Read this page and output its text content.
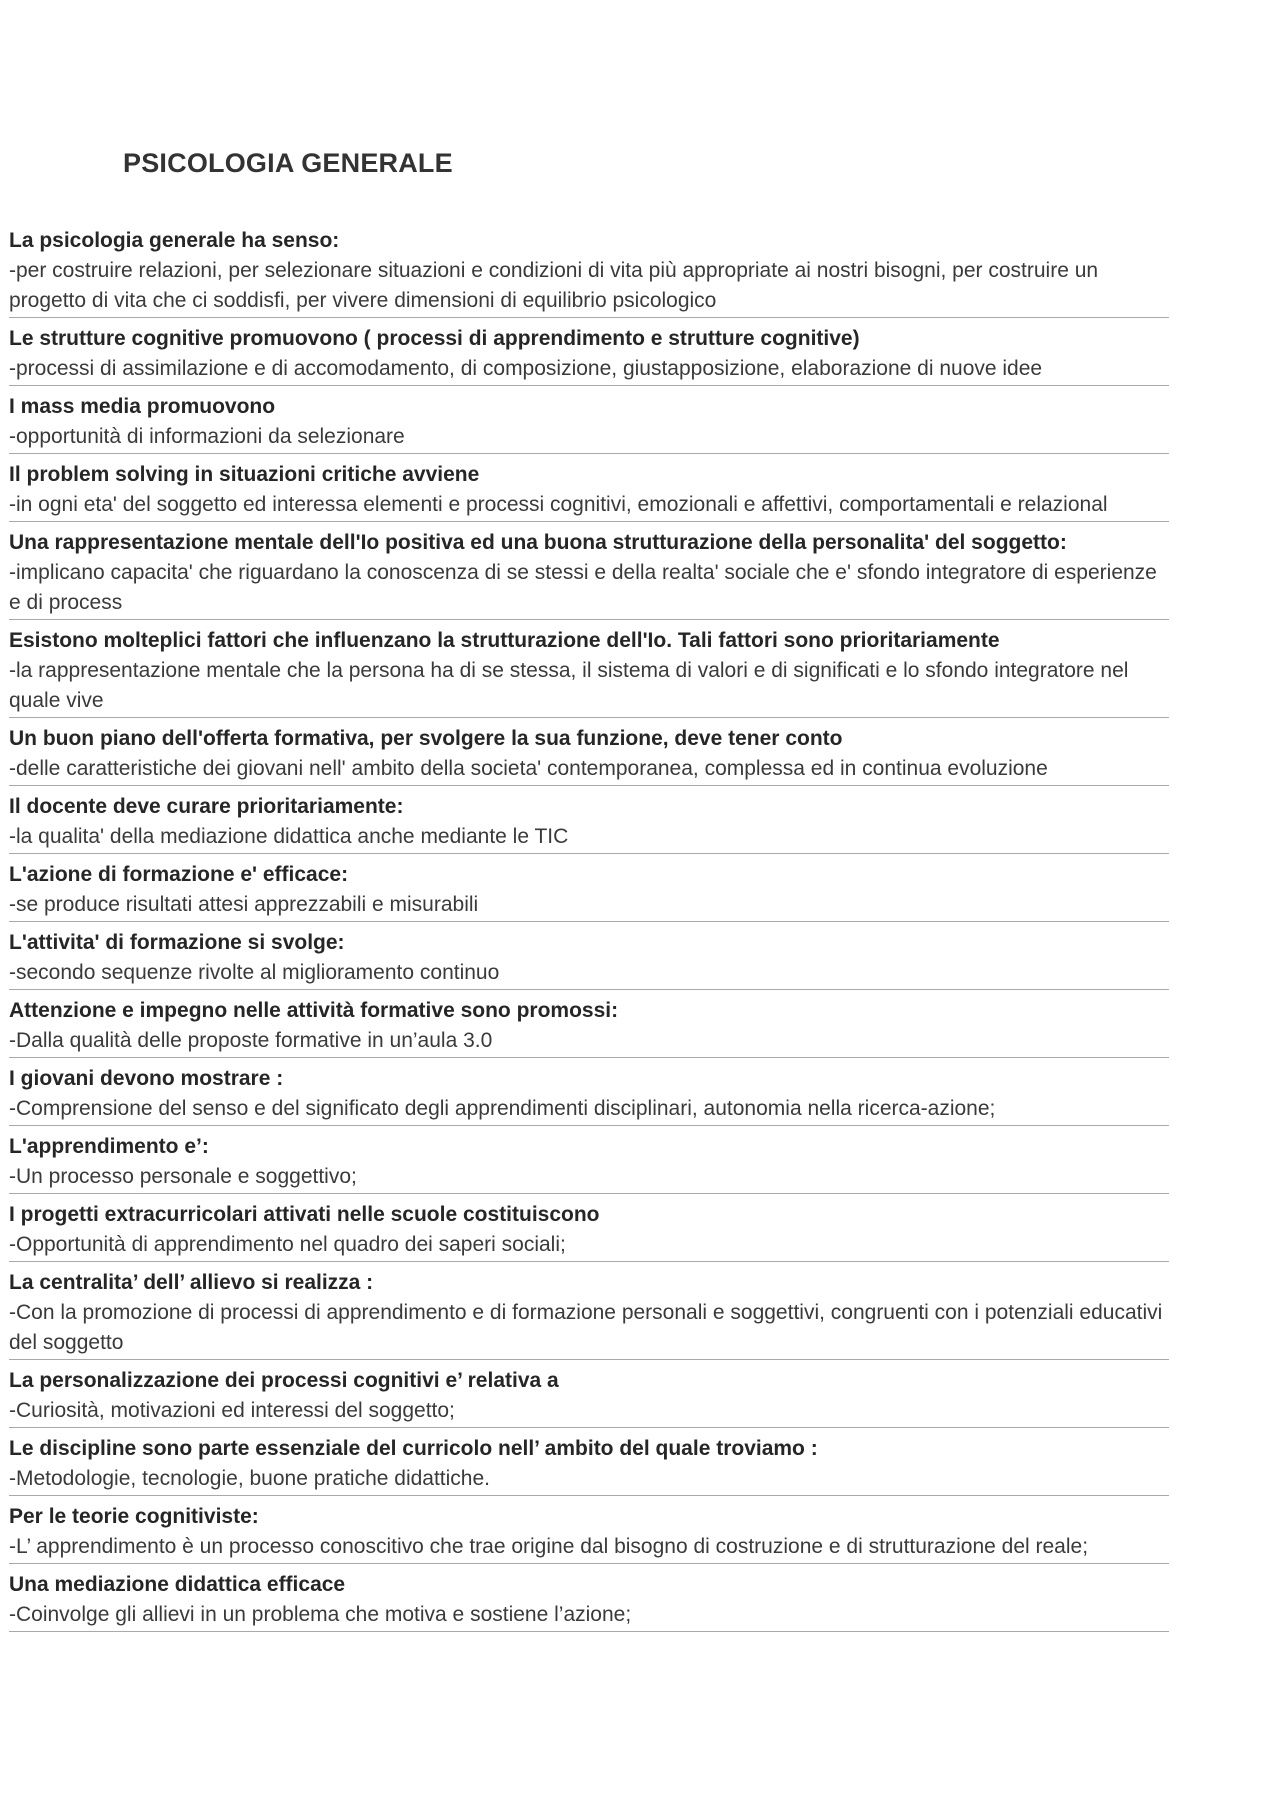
PSICOLOGIA GENERALE

La psicologia generale ha senso:

-per costruire relazioni, per selezionare situazioni e condizioni di vita più appropriate ai nostri bisogni, per costruire un progetto di vita che ci soddisfi, per vivere dimensioni di equilibrio psicologico

Le strutture cognitive promuovono ( processi di apprendimento e strutture cognitive)

-processi di assimilazione e di accomodamento, di composizione, giustapposizione, elaborazione di nuove idee

I mass media promuovono

-opportunità di informazioni da selezionare

Il problem solving in situazioni critiche avviene

-in ogni eta' del soggetto ed interessa elementi e processi cognitivi, emozionali e affettivi, comportamentali e relazional

Una rappresentazione mentale dell'Io positiva ed una buona strutturazione della personalita' del soggetto:

-implicano capacita' che riguardano la conoscenza di se stessi e della realta' sociale che e' sfondo integratore di esperienze e di process

Esistono molteplici fattori che influenzano la strutturazione dell'Io. Tali fattori sono prioritariamente

-la rappresentazione mentale che la persona ha di se stessa, il sistema di valori e di significati e lo sfondo integratore nel quale vive

Un buon piano dell'offerta formativa, per svolgere la sua funzione, deve tener conto

-delle caratteristiche dei giovani nell' ambito della societa' contemporanea, complessa ed in continua evoluzione

Il docente deve curare prioritariamente:

-la qualita' della mediazione didattica anche mediante le TIC

L'azione di formazione e' efficace:

-se produce risultati attesi apprezzabili e misurabili

L'attivita' di formazione si svolge:

-secondo sequenze rivolte al miglioramento continuo

Attenzione e impegno nelle attività formative sono promossi:

-Dalla qualità delle proposte formative in un’aula 3.0

I giovani devono mostrare :

-Comprensione del senso e del significato degli apprendimenti disciplinari, autonomia nella ricerca-azione;

L'apprendimento e’:

-Un processo personale e soggettivo;

I progetti extracurricolari attivati nelle scuole costituiscono

-Opportunità di apprendimento nel quadro dei saperi sociali;

La centralita’ dell’ allievo si realizza :

-Con la promozione di processi di apprendimento e di formazione personali e soggettivi, congruenti con i potenziali educativi del soggetto

La personalizzazione dei processi cognitivi e’ relativa a

-Curiosità, motivazioni ed interessi del soggetto;

Le discipline sono parte essenziale del curricolo nell’ ambito del quale troviamo :

-Metodologie, tecnologie, buone pratiche didattiche.

Per le teorie cognitiviste:

-L’ apprendimento è un processo conoscitivo che trae origine dal bisogno di costruzione e di strutturazione del reale;

Una mediazione didattica efficace

-Coinvolge gli allievi in un problema che motiva e sostiene l’azione;
